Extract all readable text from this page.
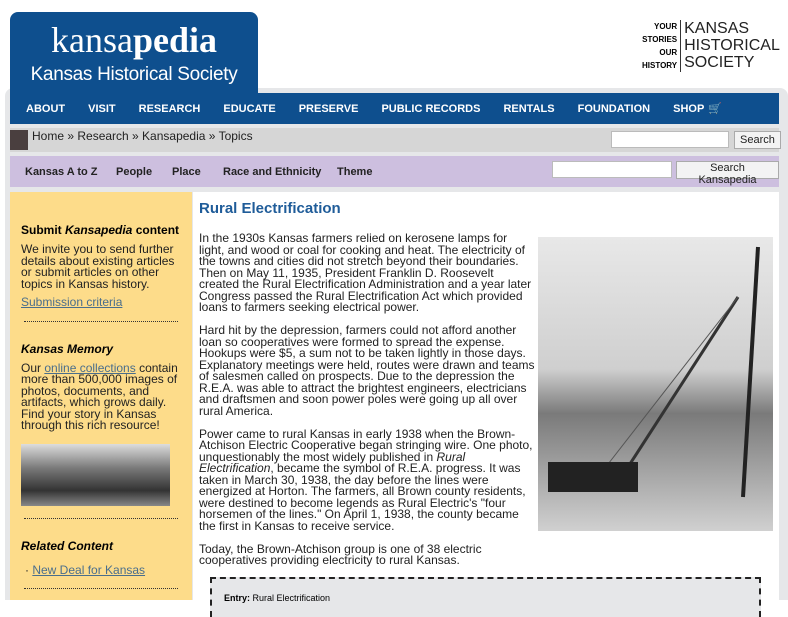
kansapedia
Kansas Historical Society
YOUR
STORIES
OUR
HISTORY
KANSAS
HISTORICAL
SOCIETY
ABOUT VISIT RESEARCH EDUCATE PRESERVE PUBLIC RECORDS RENTALS FOUNDATION SHOP 🛒
Home » Research » Kansapedia » Topics	Search
Kansas A to Z People Place Race and Ethnicity Theme	Search Kansapedia
Submit Kansapedia content

We invite you to send further details about existing articles or submit articles on other topics in Kansas history.

Submission criteria

Kansas Memory

Our online collections contain more than 500,000 images of photos, documents, and artifacts, which grows daily. Find your story in Kansas through this rich resource!

Related Content

· New Deal for Kansas

Rural Electrification

In the 1930s Kansas farmers relied on kerosene lamps for light, and wood or coal for cooking and heat. The electricity of the towns and cities did not stretch beyond their boundaries. Then on May 11, 1935, President Franklin D. Roosevelt created the Rural Electrification Administration and a year later Congress passed the Rural Electrification Act which provided loans to farmers seeking electrical power.

Hard hit by the depression, farmers could not afford another loan so cooperatives were formed to spread the expense. Hookups were $5, a sum not to be taken lightly in those days. Explanatory meetings were held, routes were drawn and teams of salesmen called on prospects. Due to the depression the R.E.A. was able to attract the brightest engineers, electricians and draftsmen and soon power poles were going up all over rural America.

Power came to rural Kansas in early 1938 when the Brown-Atchison Electric Cooperative began stringing wire. One photo, unquestionably the most widely published in Rural Electrification, became the symbol of R.E.A. progress. It was taken in March 30, 1938, the day before the lines were energized at Horton. The farmers, all Brown county residents, were destined to become legends as Rural Electric's "four horsemen of the lines." On April 1, 1938, the county became the first in Kansas to receive service.

Today, the Brown-Atchison group is one of 38 electric cooperatives providing electricity to rural Kansas.

Entry: Rural Electrification
